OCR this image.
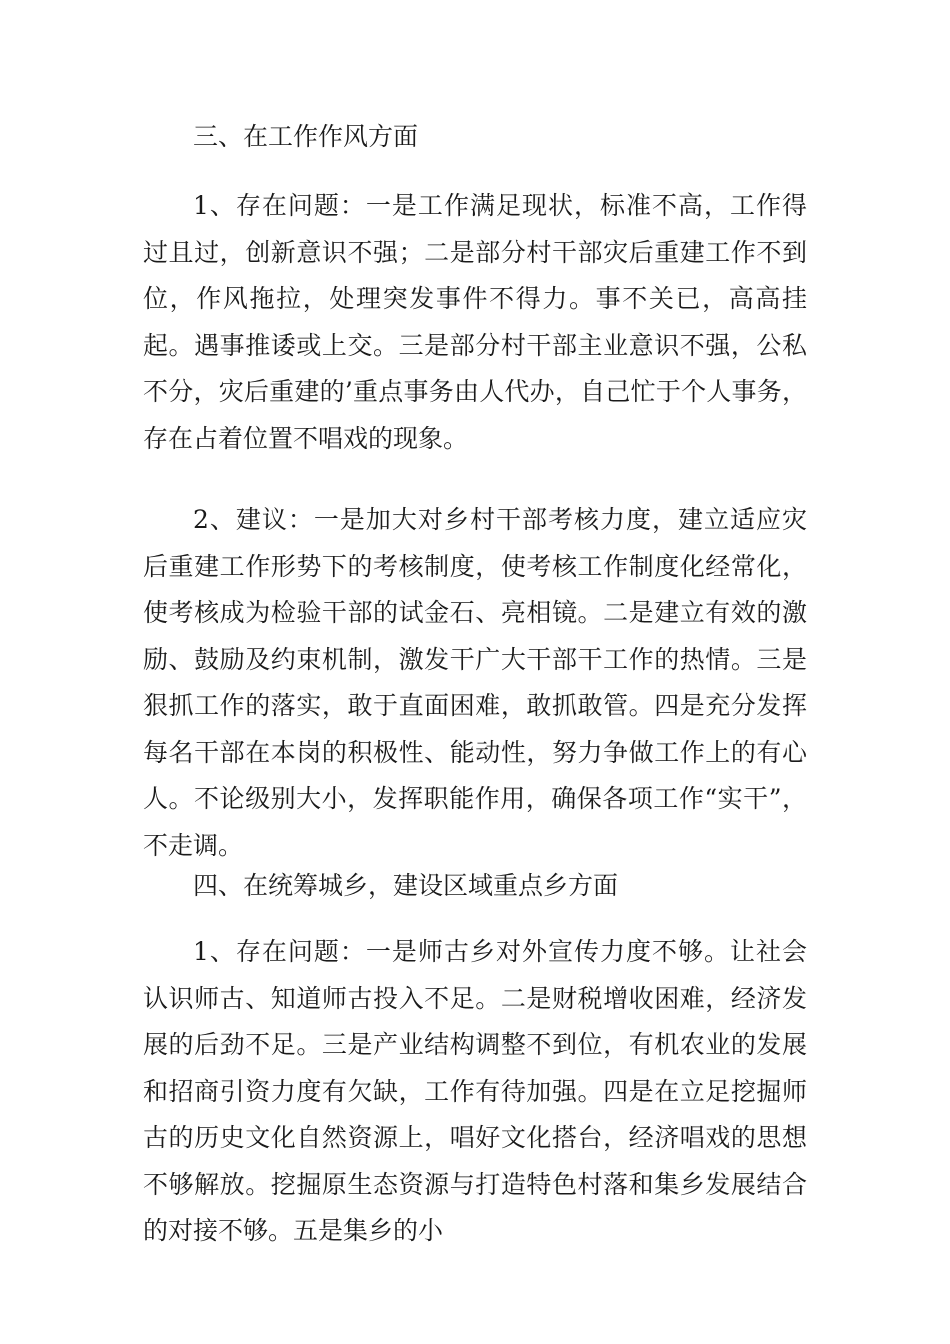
三、在工作作风方面

1、存在问题：一是工作满足现状，标准不高，工作得过且过，创新意识不强；二是部分村干部灾后重建工作不到位，作风拖拉，处理突发事件不得力。事不关已，高高挂起。遇事推诿或上交。三是部分村干部主业意识不强，公私不分，灾后重建的’重点事务由人代办，自己忙于个人事务，存在占着位置不唱戏的现象。

2、建议：一是加大对乡村干部考核力度，建立适应灾后重建工作形势下的考核制度，使考核工作制度化经常化，使考核成为检验干部的试金石、亮相镜。二是建立有效的激励、鼓励及约束机制，激发干广大干部干工作的热情。三是狠抓工作的落实，敢于直面困难，敢抓敢管。四是充分发挥每名干部在本岗的积极性、能动性，努力争做工作上的有心人。不论级别大小，发挥职能作用，确保各项工作“实干”，不走调。

四、在统筹城乡，建设区域重点乡方面

1、存在问题：一是师古乡对外宣传力度不够。让社会认识师古、知道师古投入不足。二是财税增收困难，经济发展的后劲不足。三是产业结构调整不到位，有机农业的发展和招商引资力度有欠缺，工作有待加强。四是在立足挖掘师古的历史文化自然资源上，唱好文化搭台，经济唱戏的思想不够解放。挖掘原生态资源与打造特色村落和集乡发展结合的对接不够。五是集乡的小
